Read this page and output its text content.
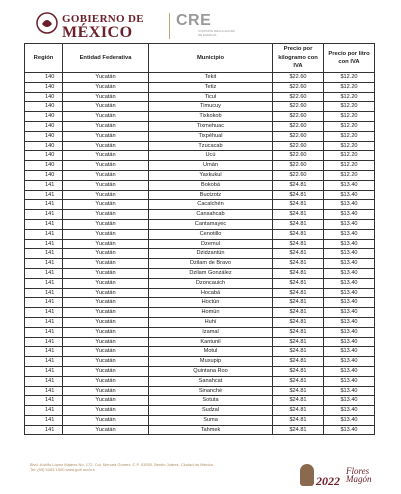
GOBIERNO DE
MÉXICO
CRE
COMISIÓN REGULADORA DE ENERGÍA
Región	Entidad Federativa	Municipio	Precio por kilogramo con IVA	Precio por litro con IVA
140	Yucatán	Tekit	$22.60	$12.20
140	Yucatán	Tetiz	$22.60	$12.20
140	Yucatán	Ticul	$22.60	$12.20
140	Yucatán	Timucuy	$22.60	$12.20
140	Yucatán	Tixkokob	$22.60	$12.20
140	Yucatán	Tixmehuac	$22.60	$12.20
140	Yucatán	Tixpéhual	$22.60	$12.20
140	Yucatán	Tzucacab	$22.60	$12.20
140	Yucatán	Ucú	$22.60	$12.20
140	Yucatán	Umán	$22.60	$12.20
140	Yucatán	Yaxkukul	$22.60	$12.20
141	Yucatán	Bokobá	$24.81	$13.40
141	Yucatán	Buctzotz	$24.81	$13.40
141	Yucatán	Cacalchén	$24.81	$13.40
141	Yucatán	Cansahcab	$24.81	$13.40
141	Yucatán	Cantamayec	$24.81	$13.40
141	Yucatán	Cenotillo	$24.81	$13.40
141	Yucatán	Dzemul	$24.81	$13.40
141	Yucatán	Dzidzantún	$24.81	$13.40
141	Yucatán	Dzilam de Bravo	$24.81	$13.40
141	Yucatán	Dzilam González	$24.81	$13.40
141	Yucatán	Dzoncauich	$24.81	$13.40
141	Yucatán	Hocabá	$24.81	$13.40
141	Yucatán	Hoctún	$24.81	$13.40
141	Yucatán	Homún	$24.81	$13.40
141	Yucatán	Huhí	$24.81	$13.40
141	Yucatán	Izamal	$24.81	$13.40
141	Yucatán	Kantunil	$24.81	$13.40
141	Yucatán	Motul	$24.81	$13.40
141	Yucatán	Muxupip	$24.81	$13.40
141	Yucatán	Quintana Roo	$24.81	$13.40
141	Yucatán	Sanahcat	$24.81	$13.40
141	Yucatán	Sinanché	$24.81	$13.40
141	Yucatán	Sotuta	$24.81	$13.40
141	Yucatán	Sudzal	$24.81	$13.40
141	Yucatán	Suma	$24.81	$13.40
141	Yucatán	Tahmek	$24.81	$13.40
Blvd. Adolfo López Mateos No. 172, Col. Merced Gómez, C.P. 03930, Benito Juárez, Ciudad de México.
Tel: (55) 5283 1500 www.gob.mx/cre
2022
Flores Magón
